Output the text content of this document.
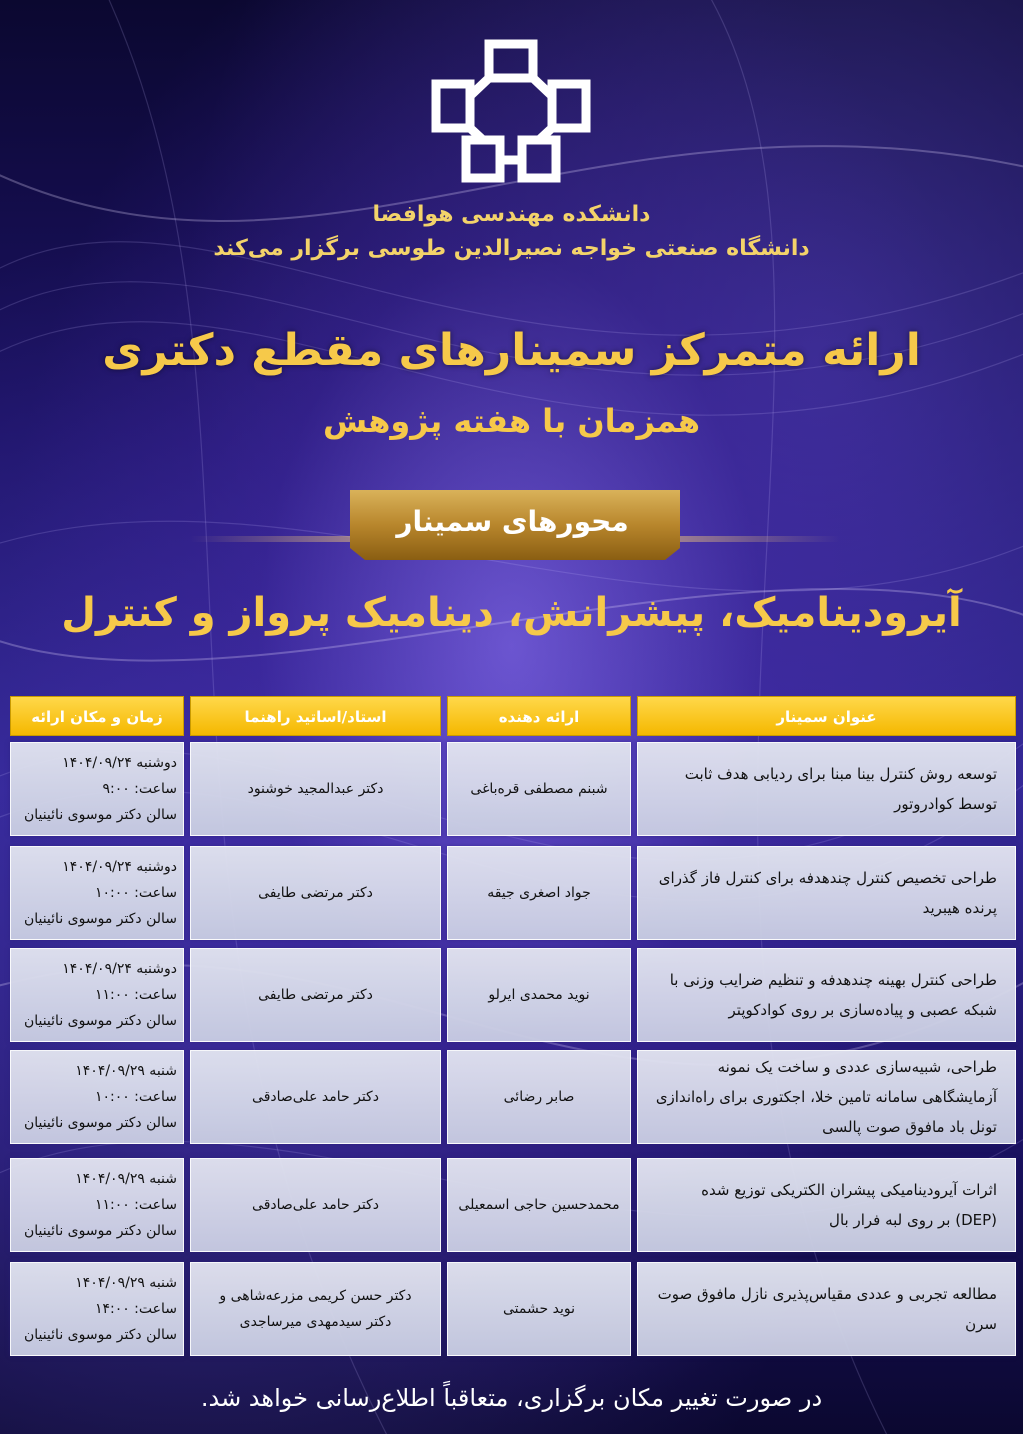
دانشکده مهندسی هوافضا
دانشگاه صنعتی خواجه نصیرالدین طوسی برگزار می‌کند
ارائه متمرکز سمینارهای مقطع دکتری
همزمان با هفته پژوهش
محورهای سمینار
آیرودینامیک، پیشرانش، دینامیک پرواز و کنترل
عنوان سمینار
ارائه دهنده
استاد/اساتید راهنما
زمان و مکان ارائه
توسعه روش کنترل بینا مبنا برای ردیابی هدف ثابت
توسط کوادروتور
شبنم مصطفی قره‌باغی
دکتر عبدالمجید خوشنود
دوشنبه ۱۴۰۴/۰۹/۲۴
ساعت: ۹:۰۰
سالن دکتر موسوی نائینیان
طراحی تخصیص کنترل چندهدفه برای کنترل فاز گذرای
پرنده هیبرید
جواد اصغری جیقه
دکتر مرتضی طایفی
دوشنبه ۱۴۰۴/۰۹/۲۴
ساعت: ۱۰:۰۰
سالن دکتر موسوی نائینیان
طراحی کنترل بهینه چندهدفه و تنظیم ضرایب وزنی با
شبکه عصبی و پیاده‌سازی بر روی کوادکوپتر
نوید محمدی ایرلو
دکتر مرتضی طایفی
دوشنبه ۱۴۰۴/۰۹/۲۴
ساعت: ۱۱:۰۰
سالن دکتر موسوی نائینیان
طراحی، شبیه‌سازی عددی و ساخت یک نمونه
آزمایشگاهی سامانه تامین خلا، اجکتوری برای راه‌اندازی
تونل باد مافوق صوت پالسی
صابر رضائی
دکتر حامد علی‌صادقی
شنبه ۱۴۰۴/۰۹/۲۹
ساعت: ۱۰:۰۰
سالن دکتر موسوی نائینیان
اثرات آیرودینامیکی پیشران الکتریکی توزیع شده
(DEP) بر روی لبه فرار بال
محمدحسین حاجی اسمعیلی
دکتر حامد علی‌صادقی
شنبه ۱۴۰۴/۰۹/۲۹
ساعت: ۱۱:۰۰
سالن دکتر موسوی نائینیان
مطالعه تجربی و عددی مقیاس‌پذیری نازل مافوق صوت
سرن
نوید حشمتی
دکتر حسن کریمی مزرعه‌شاهی و
دکتر سیدمهدی میرساجدی
شنبه ۱۴۰۴/۰۹/۲۹
ساعت: ۱۴:۰۰
سالن دکتر موسوی نائینیان
در صورت تغییر مکان برگزاری، متعاقباً اطلاع‌رسانی خواهد شد.
